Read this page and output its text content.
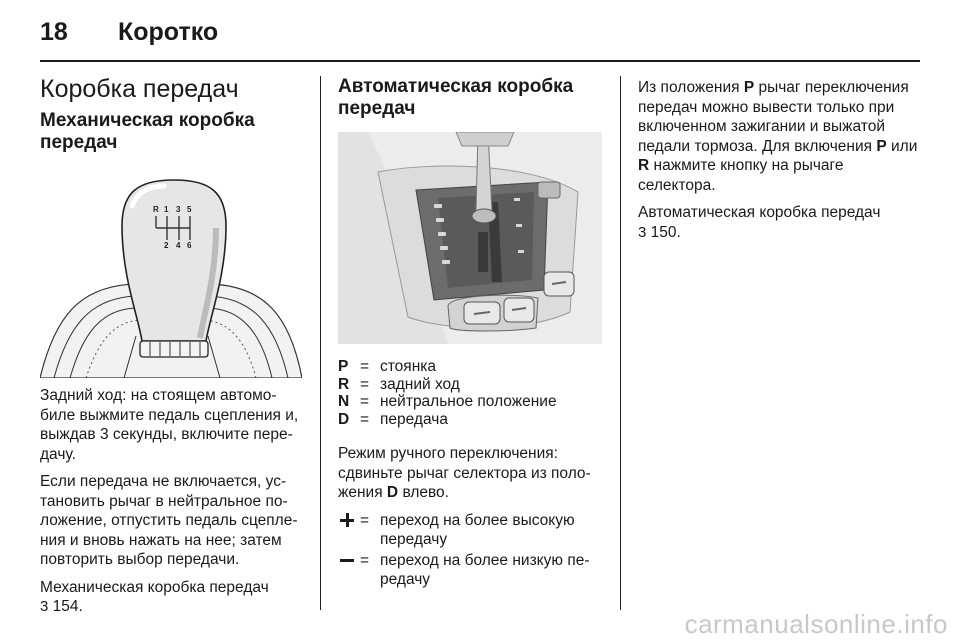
18 Коротко
Коробка передач
Механическая коробка передач
R 1 3 5
2 4 6

Задний ход: на стоящем автомобиле выжмите педаль сцепления и, выждав 3 секунды, включите передачу.

Если передача не включается, установить рычаг в нейтральное положение, отпустить педаль сцепления и вновь нажать на нее; затем повторить выбор передачи.

Механическая коробка передач
3 154.

Автоматическая коробка передач
P = стоянка
R = задний ход
N = нейтральное положение
D = передача

Режим ручного переключения: сдвиньте рычаг селектора из положения D влево.

= переход на более высокую передачу
= переход на более низкую передачу

Из положения P рычаг переключения передач можно вывести только при включенном зажигании и выжатой педали тормоза. Для включения P или R нажмите кнопку на рычаге селектора.

Автоматическая коробка передач
3 150.

carmanualsonline.info
